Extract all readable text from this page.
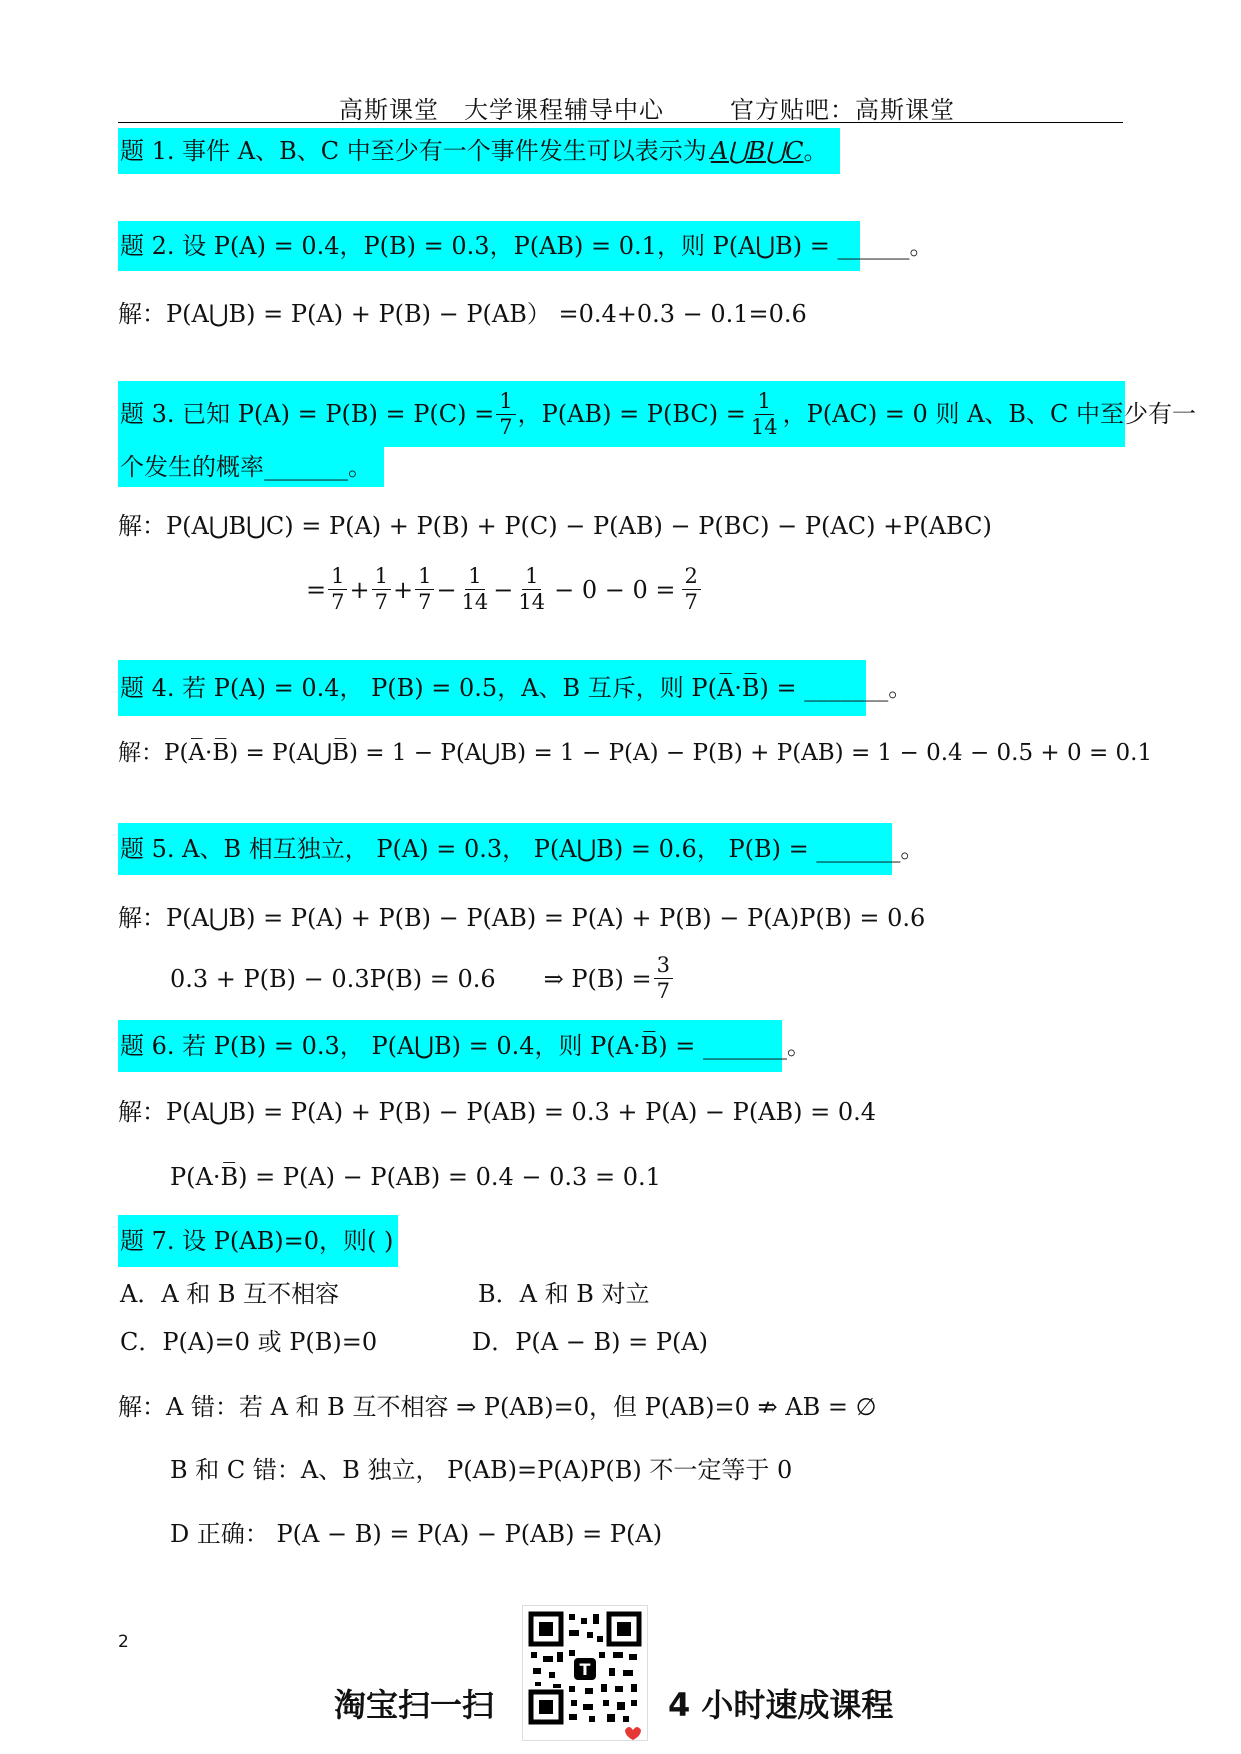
高斯课堂　大学课程辅导中心	官方贴吧：高斯课堂
题 1. 事件 A、B、C 中至少有一个事件发生可以表示为 A⋃B⋃C 。
题 2. 设 P(A) = 0.4，P(B) = 0.3，P(AB) = 0.1，则 P(A⋃B) = ______。
解：P(A⋃B) = P(A) + P(B) − P(AB） =0.4+0.3 − 0.1=0.6
题 3. 已知 $P(A) = P(B) = P(C) = \frac{1}{7}$ ，$P(AB) = P(BC) = \frac{1}{14}$ ，P(AC) = 0 则 A、B、C 中至少有一
个发生的概率_______。
解：P(A⋃B⋃C) = P(A) + P(B) + P(C) − P(AB) − P(BC) − P(AC) +P(ABC)
= $\frac{1}{7} + \frac{1}{7} + \frac{1}{7} - \frac{1}{14} - \frac{1}{14} - 0 - 0 = \frac{2}{7}$
题 4. 若 P(A) = 0.4， P(B) = 0.5，A、B 互斥，则 P(A̅·B̅) = _______。
解：P(A̅·B̅) = P(A⋃B̅) = 1 − P(A⋃B) = 1 − P(A) − P(B) + P(AB) = 1 − 0.4 − 0.5 + 0 = 0.1
题 5. A、B 相互独立， P(A) = 0.3， P(A⋃B) = 0.6， P(B) = _______。
解：P(A⋃B) = P(A) + P(B) − P(AB) = P(A) + P(B) − P(A)P(B) = 0.6
0.3 + P(B) − 0.3P(B) = 0.6　　⇒ $P(B) = \frac{3}{7}$
题 6. 若 P(B) = 0.3， P(A⋃B) = 0.4，则 P(A·B̅) = _______。
解：P(A⋃B) = P(A) + P(B) − P(AB) = 0.3 + P(A) − P(AB) = 0.4
P(A·B̅) = P(A) − P(AB) = 0.4 − 0.3 = 0.1
题 7. 设 P(AB)=0，则( )
A．A 和 B 互不相容	B．A 和 B 对立
C．P(A)=0 或 P(B)=0	D．P(A − B) = P(A)
解：A 错：若 A 和 B 互不相容 ⇒ P(AB)=0，但 P(AB)=0 ⇏ AB = ∅
B 和 C 错：A、B 独立， P(AB)=P(A)P(B) 不一定等于 0
D 正确： P(A − B) = P(A) − P(AB) = P(A)
2
淘宝扫一扫
T
4 小时速成课程
